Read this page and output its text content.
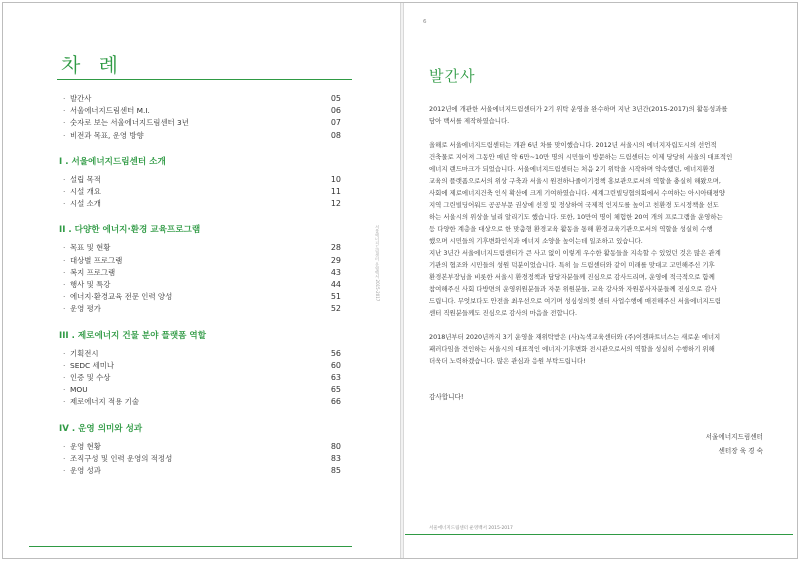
차 례
서울에너지드림센터 운영백서 2015-2017
· 발간사	05
· 서울에너지드림센터 M.I.	06
· 숫자로 보는 서울에너지드림센터 3년	07
· 비전과 목표, 운영 방향	08
I . 서울에너지드림센터 소개
· 설립 목적	10
· 시설 개요	11
· 시설 소개	12
II . 다양한 에너지·환경 교육프로그램
· 목표 및 현황	28
· 대상별 프로그램	29
· 복지 프로그램	43
· 행사 및 특강	44
· 에너지·환경교육 전문 인력 양성	51
· 운영 평가	52
III . 제로에너지 건물 분야 플랫폼 역할
· 기획전시	56
· SEDC 세미나	60
· 인증 및 수상	63
· MOU	65
· 제로에너지 적용 기술	66
IV . 운영 의미와 성과
· 운영 현황	80
· 조직구성 및 인력 운영의 적정성	83
· 운영 성과	85
6
발간사

2012년에 개관한 서울에너지드림센터가 2기 위탁 운영을 완수하며 지난 3년간(2015-2017)의 활동성과를

담아 백서를 제작하였습니다.

올해로 서울에너지드림센터는 개관 6년 차를 맞이했습니다. 2012년 서울시의 에너지자립도시의 선언적

건축물로 지어져 그동안 매년 약 6만~10만 명의 시민들이 방문하는 드림센터는 이제 당당히 서울의 대표적인

에너지 랜드마크가 되었습니다. 서울에너지드림센터는 처음 2기 위탁을 시작하며 약속했던, 에너지환경

교육의 플랫폼으로서의 위상 구축과 서울시 원전하나줄이기정책 홍보관으로서의 역할을 충실히 해왔으며,

사회에 제로에너지건축 인식 확산에 크게 기여하였습니다. 세계그린빌딩협의회에서 수여하는 아시아태평양

지역 그린빌딩어워드 공공부문 권상에 선정 및 정상하여 국제적 인지도를 높이고 친환경 도시정책을 선도

하는 서울시의 위상을 널리 알리기도 했습니다. 또한, 10만여 명이 체험한 20여 개의 프로그램을 운영하는

등 다양한 계층을 대상으로 한 맞춤형 환경교육 활동을 통해 환경교육기관으로서의 역할을 성실히 수행

했으며 시민들의 기후변화인식과 에너지 소양을 높이는데 일조하고 있습니다.

지난 3년간 서울에너지드림센터가 큰 사고 없이 이렇게 우수한 활동들을 지속할 수 있었던 것은 많은 관계

기관의 협조와 시민들의 성원 덕분이었습니다. 특히 늘 드림센터와 같이 미래를 맞대고 고민해주신 기후

환경본부장님을 비롯한 서울시 환경정책과 담당자분들께 진심으로 감사드리며, 운영에 적극적으로 함께

참여해주신 사회 다방면의 운영위원분들과 자문 위원분들, 교육 강사와 자원봉사자분들께 진심으로 감사

드립니다. 무엇보다도 안전을 최우선으로 여기며 성심성의껏 센터 사업수행에 매진해주신 서울에너지드림

센터 직원분들께도 진심으로 감사의 마음을 전합니다.

2018년부터 2020년까지 3기 운영을 재위탁받은 (사)녹색교육센터와 (주)이젠파트너스는 새로운 에너지

패러다임을 견인하는 서울시의 대표적인 에너지·기후변화 전시관으로서의 역할을 성실히 수행하기 위해

더욱더 노력하겠습니다. 많은 관심과 응원 부탁드립니다!

감사합니다!
서울에너지드림센터
센터장 육 경 숙
서울에너지드림센터 운영백서 2015-2017
